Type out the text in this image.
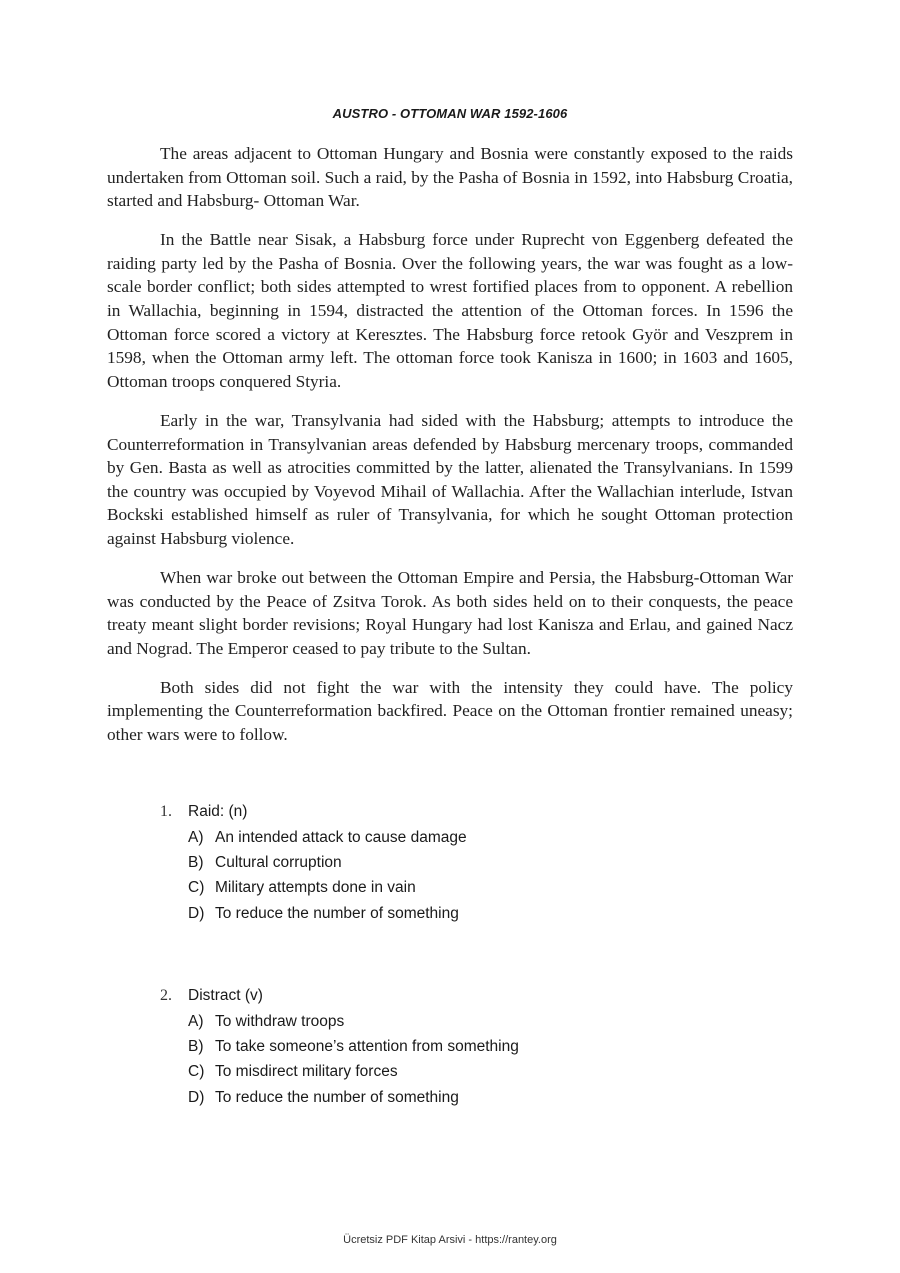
AUSTRO - OTTOMAN WAR 1592-1606

The areas adjacent to Ottoman Hungary and Bosnia were constantly exposed to the raids undertaken from Ottoman soil. Such a raid, by the Pasha of Bosnia in 1592, into Habsburg Croatia, started and Habsburg- Ottoman War.

In the Battle near Sisak, a Habsburg force under Ruprecht von Eggenberg defeated the raiding party led by the Pasha of Bosnia. Over the following years, the war was fought as a low-scale border conflict; both sides attempted to wrest fortified places from to opponent. A rebellion in Wallachia, beginning in 1594, distracted the attention of the Ottoman forces. In 1596 the Ottoman force scored a victory at Keresztes. The Habsburg force retook Györ and Veszprem in 1598, when the Ottoman army left. The ottoman force took Kanisza in 1600; in 1603 and 1605, Ottoman troops conquered Styria.

Early in the war, Transylvania had sided with the Habsburg; attempts to introduce the Counterreformation in Transylvanian areas defended by Habsburg mercenary troops, commanded by Gen. Basta as well as atrocities committed by the latter, alienated the Transylvanians. In 1599 the country was occupied by Voyevod Mihail of Wallachia. After the Wallachian interlude, Istvan Bockski established himself as ruler of Transylvania, for which he sought Ottoman protection against Habsburg violence.

When war broke out between the Ottoman Empire and Persia, the Habsburg-Ottoman War was conducted by the Peace of Zsitva Torok. As both sides held on to their conquests, the peace treaty meant slight border revisions; Royal Hungary had lost Kanisza and Erlau, and gained Nacz and Nograd. The Emperor ceased to pay tribute to the Sultan.

Both sides did not fight the war with the intensity they could have. The policy implementing the Counterreformation backfired. Peace on the Ottoman frontier remained uneasy; other wars were to follow.

1.	Raid: (n)
A) An intended attack to cause damage
B) Cultural corruption
C) Military attempts done in vain
D) To reduce the number of something
2.	Distract (v)
A) To withdraw troops
B) To take someone’s attention from something
C) To misdirect military forces
D) To reduce the number of something

Ücretsiz PDF Kitap Arsivi - https://rantey.org
